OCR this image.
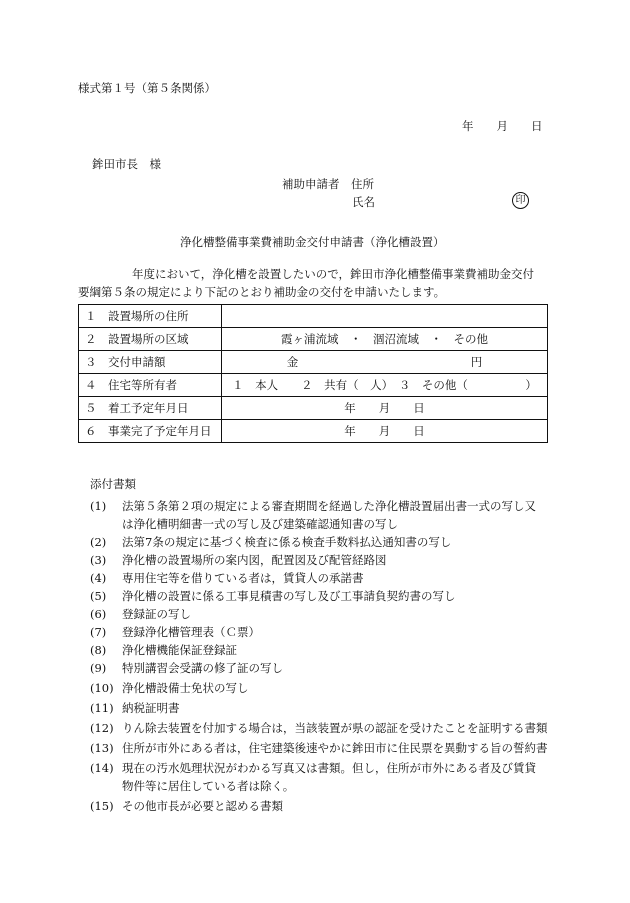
様式第１号（第５条関係）
年　　月　　日
鉾田市長　様
補助申請者　住所
氏名	印
浄化槽整備事業費補助金交付申請書（浄化槽設置）
年度において，浄化槽を設置したいので，鉾田市浄化槽整備事業費補助金交付
要綱第５条の規定により下記のとおり補助金の交付を申請いたします。
１　設置場所の住所	
２　設置場所の区域	霞ヶ浦流域　・　涸沼流域　・　その他
３　交付申請額	金　　　　　　　　　　　　　　　円
４　住宅等所有者	１　本人　　２　共有（　人）　３　その他（　　　　　）
５　着工予定年月日	年　　月　　日
６　事業完了予定年月日	年　　月　　日
添付書類
(1) 法第５条第２項の規定による審査期間を経過した浄化槽設置届出書一式の写し又
は浄化槽明細書一式の写し及び建築確認通知書の写し
(2) 法第7条の規定に基づく検査に係る検査手数料払込通知書の写し
(3) 浄化槽の設置場所の案内図，配置図及び配管経路図
(4) 専用住宅等を借りている者は，賃貸人の承諾書
(5) 浄化槽の設置に係る工事見積書の写し及び工事請負契約書の写し
(6) 登録証の写し
(7) 登録浄化槽管理表（Ｃ票）
(8) 浄化槽機能保証登録証
(9) 特別講習会受講の修了証の写し
(10) 浄化槽設備士免状の写し
(11) 納税証明書
(12) りん除去装置を付加する場合は，当該装置が県の認証を受けたことを証明する書類
(13) 住所が市外にある者は，住宅建築後速やかに鉾田市に住民票を異動する旨の誓約書
(14) 現在の汚水処理状況がわかる写真又は書類。但し，住所が市外にある者及び賃貸
物件等に居住している者は除く。
(15) その他市長が必要と認める書類
